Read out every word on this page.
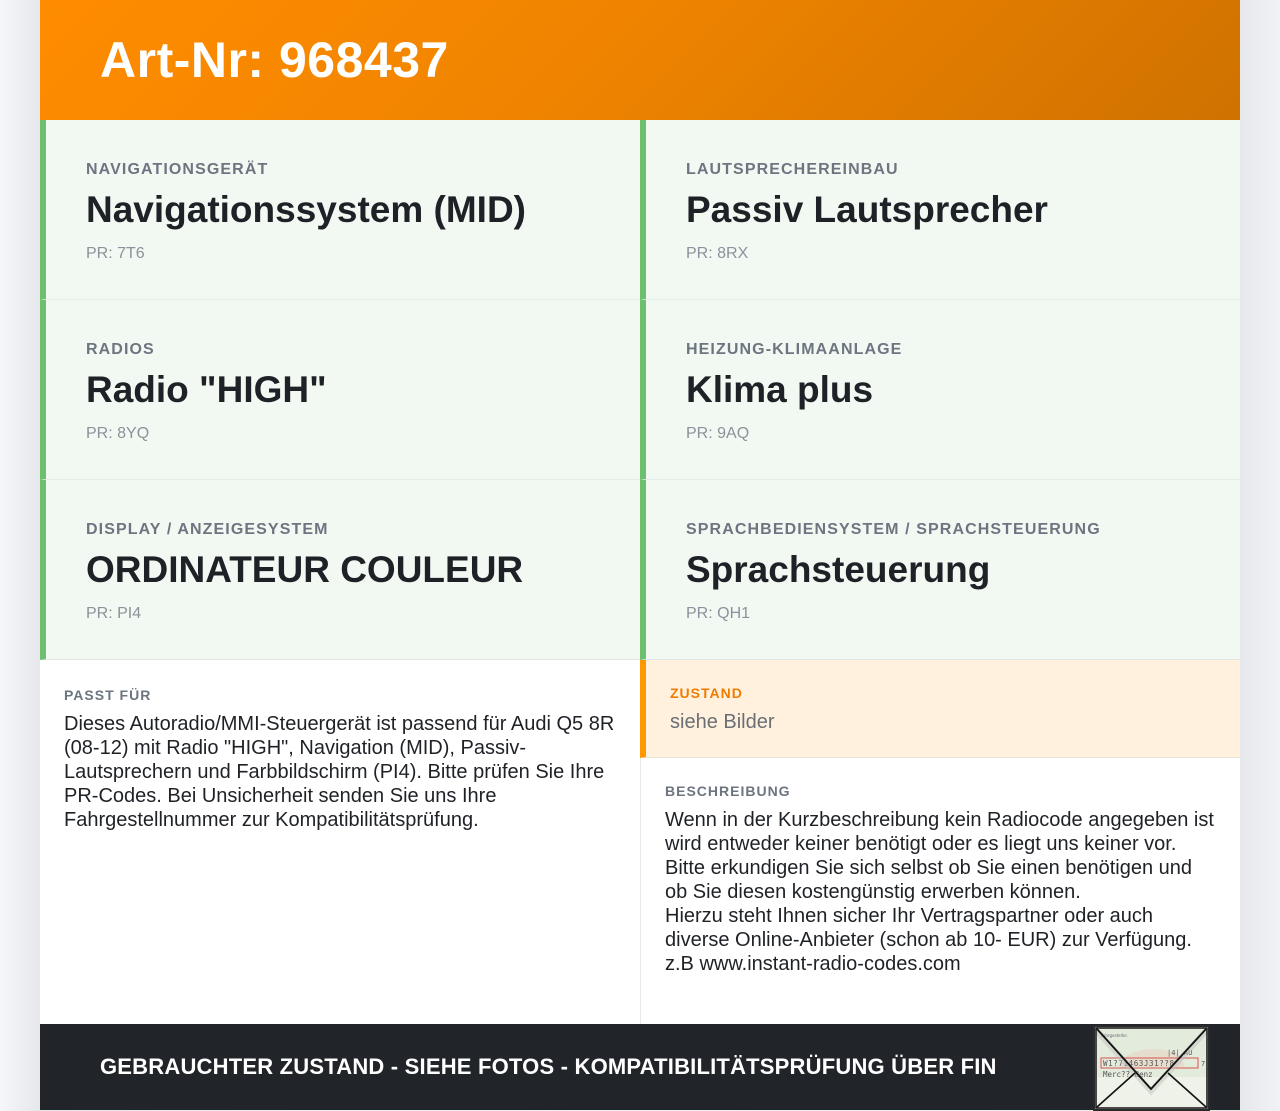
Art-Nr: 968437
NAVIGATIONSGERÄT
Navigationssystem (MID)
PR: 7T6
LAUTSPRECHEREINBAU
Passiv Lautsprecher
PR: 8RX
RADIOS
Radio "HIGH"
PR: 8YQ
HEIZUNG-KLIMAANLAGE
Klima plus
PR: 9AQ
DISPLAY / ANZEIGESYSTEM
ORDINATEUR COULEUR
PR: PI4
SPRACHBEDIENSYSTEM / SPRACHSTEUERUNG
Sprachsteuerung
PR: QH1
PASST FÜR
Dieses Autoradio/MMI-Steuergerät ist passend für Audi Q5 8R (08-12) mit Radio "HIGH", Navigation (MID), Passiv-Lautsprechern und Farbbildschirm (PI4). Bitte prüfen Sie Ihre PR-Codes. Bei Unsicherheit senden Sie uns Ihre Fahrgestellnummer zur Kompatibilitätsprüfung.
ZUSTAND
siehe Bilder
BESCHREIBUNG

Wenn in der Kurzbeschreibung kein Radiocode angegeben ist wird entweder keiner benötigt oder es liegt uns keiner vor.

Bitte erkundigen Sie sich selbst ob Sie einen benötigen und ob Sie diesen kostengünstig erwerben können.

Hierzu steht Ihnen sicher Ihr Vertragspartner oder auch diverse Online-Anbieter (schon ab 10- EUR) zur Verfügung. z.B www.instant-radio-codes.com

GEBRAUCHTER ZUSTAND - SIEHE FOTOS - KOMPATIBILITÄTSPRÜFUNG ÜBER FIN
Fahrgestellnr.
|4| AU
W1?71463J31??8	7
Merc??-Benz
